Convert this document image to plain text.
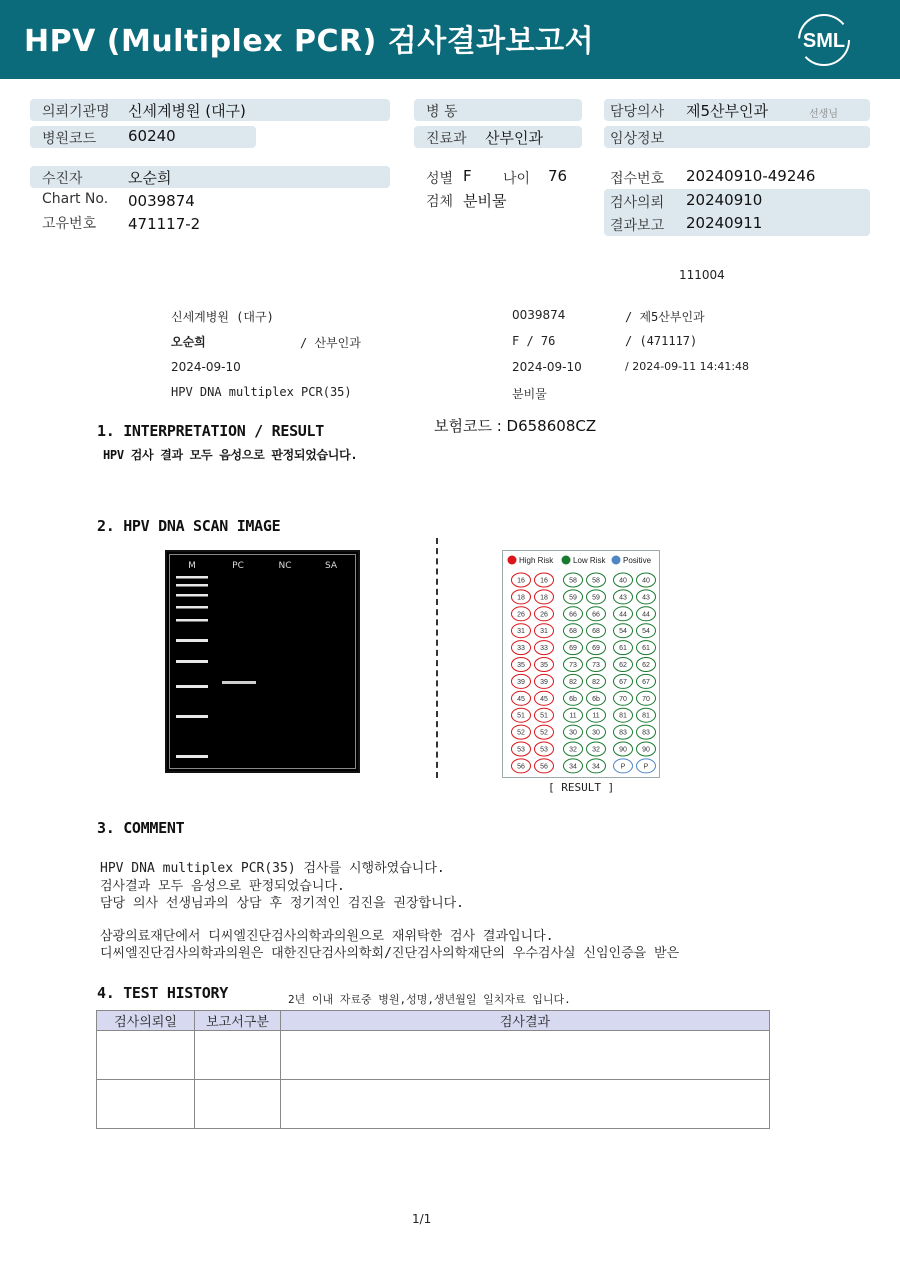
HPV (Multiplex PCR) 검사결과보고서	SML
의뢰기관명 신세계병원 (대구)
병원코드 60240
수진자	오순희
Chart No. 0039874
고유번호 471117-2
병 동
진료과 산부인과
성별 F 나이 76
검체 분비물
담당의사 제5산부인과	선생님
임상정보
접수번호 20240910-49246
검사의뢰 20240910
결과보고 20240911
111004
신세계병원 (대구)	0039874	/ 제5산부인과
오순희	/ 산부인과	F / 76	/ (471117)
2024-09-10	2024-09-10	/ 2024-09-11 14:41:48
HPV DNA multiplex PCR(35)	분비물
보험코드 : D658608CZ
1. INTERPRETATION / RESULT
HPV 검사 결과 모두 음성으로 판정되었습니다.
2. HPV DNA SCAN IMAGE
M	PC	NC	SA
High Risk Low Risk Positive
16 16	58 58	40 40
18 18	59 59	43 43
26 26	66 66	44 44
31 31	68 68	54 54
33 33	69 69	61 61
35 35	73 73	62 62
39 39	82 82	67 67
45 45	6b 6b	70 70
51 51	11 11	81 81
52 52	30 30	83 83
53 53	32 32	90 90
56 56	34 34	P	P
[ RESULT ]
3. COMMENT
HPV DNA multiplex PCR(35) 검사를 시행하였습니다.
검사결과 모두 음성으로 판정되었습니다.
담당 의사 선생님과의 상담 후 정기적인 검진을 권장합니다.
삼광의료재단에서 디씨엘진단검사의학과의원으로 재위탁한 검사 결과입니다.
디씨엘진단검사의학과의원은 대한진단검사의학회/진단검사의학재단의 우수검사실 신임인증을 받은
4. TEST HISTORY	2년 이내 자료중 병원,성명,생년월일 일치자료 입니다.
검사의뢰일	보고서구분	검사결과

1/1
